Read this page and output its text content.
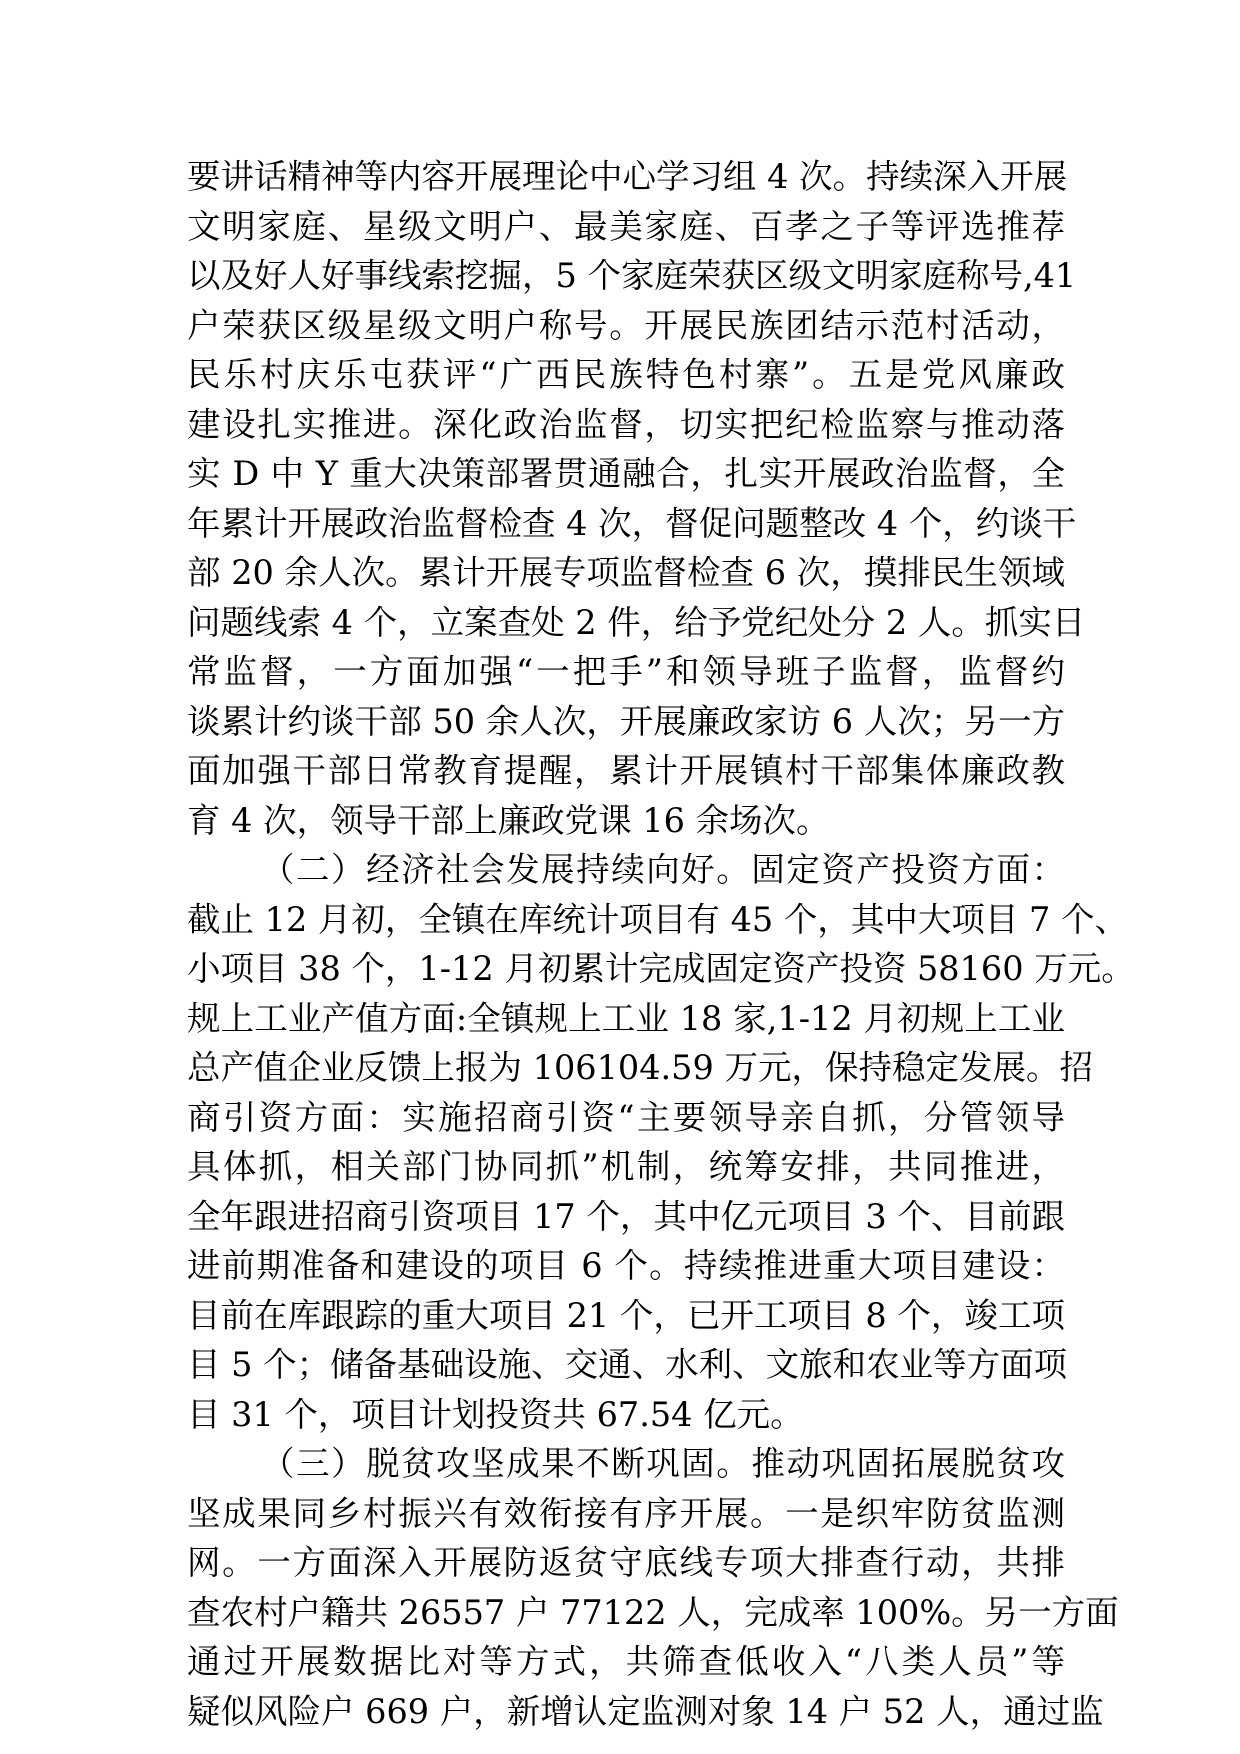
要讲话精神等内容开展理论中心学习组 4 次。持续深入开展
文明家庭、星级文明户、最美家庭、百孝之子等评选推荐
以及好人好事线索挖掘，5 个家庭荣获区级文明家庭称号,41
户荣获区级星级文明户称号。开展民族团结示范村活动，
民乐村庆乐屯获评“广西民族特色村寨”。五是党风廉政
建设扎实推进。深化政治监督，切实把纪检监察与推动落
实 D 中 Y 重大决策部署贯通融合，扎实开展政治监督，全
年累计开展政治监督检查 4 次，督促问题整改 4 个，约谈干
部 20 余人次。累计开展专项监督检查 6 次，摸排民生领域
问题线索 4 个，立案查处 2 件，给予党纪处分 2 人。抓实日
常监督，一方面加强“一把手”和领导班子监督，监督约
谈累计约谈干部 50 余人次，开展廉政家访 6 人次；另一方
面加强干部日常教育提醒，累计开展镇村干部集体廉政教
育 4 次，领导干部上廉政党课 16 余场次。
（二）经济社会发展持续向好。固定资产投资方面：
截止 12 月初，全镇在库统计项目有 45 个，其中大项目 7 个、
小项目 38 个，1-12 月初累计完成固定资产投资 58160 万元。
规上工业产值方面:全镇规上工业 18 家,1-12 月初规上工业
总产值企业反馈上报为 106104.59 万元，保持稳定发展。招
商引资方面：实施招商引资“主要领导亲自抓，分管领导
具体抓，相关部门协同抓”机制，统筹安排，共同推进，
全年跟进招商引资项目 17 个，其中亿元项目 3 个、目前跟
进前期准备和建设的项目 6 个。持续推进重大项目建设：
目前在库跟踪的重大项目 21 个，已开工项目 8 个，竣工项
目 5 个；储备基础设施、交通、水利、文旅和农业等方面项
目 31 个，项目计划投资共 67.54 亿元。
（三）脱贫攻坚成果不断巩固。推动巩固拓展脱贫攻
坚成果同乡村振兴有效衔接有序开展。一是织牢防贫监测
网。一方面深入开展防返贫守底线专项大排查行动，共排
查农村户籍共 26557 户 77122 人，完成率 100%。另一方面
通过开展数据比对等方式，共筛查低收入“八类人员”等
疑似风险户 669 户，新增认定监测对象 14 户 52 人，通过监
